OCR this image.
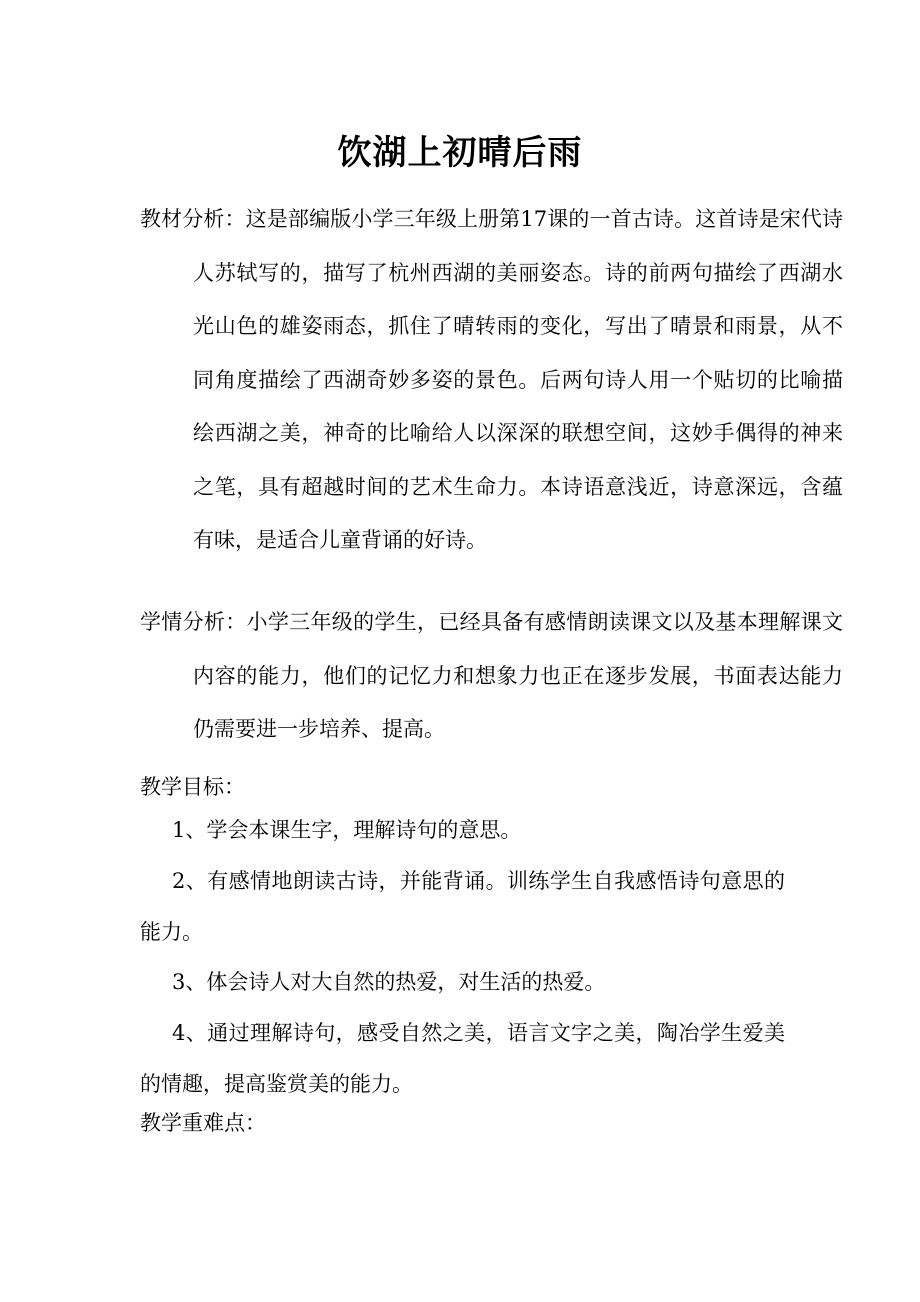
饮湖上初晴后雨
教材分析：这是部编版小学三年级上册第17课的一首古诗。这首诗是宋代诗人苏轼写的，描写了杭州西湖的美丽姿态。诗的前两句描绘了西湖水光山色的雄姿雨态，抓住了晴转雨的变化，写出了晴景和雨景，从不同角度描绘了西湖奇妙多姿的景色。后两句诗人用一个贴切的比喻描绘西湖之美，神奇的比喻给人以深深的联想空间，这妙手偶得的神来之笔，具有超越时间的艺术生命力。本诗语意浅近，诗意深远，含蕴有味，是适合儿童背诵的好诗。
学情分析：小学三年级的学生，已经具备有感情朗读课文以及基本理解课文内容的能力，他们的记忆力和想象力也正在逐步发展，书面表达能力仍需要进一步培养、提高。
教学目标：
1、学会本课生字，理解诗句的意思。
2、有感情地朗读古诗，并能背诵。训练学生自我感悟诗句意思的能力。
3、体会诗人对大自然的热爱，对生活的热爱。
4、通过理解诗句，感受自然之美，语言文字之美，陶冶学生爱美的情趣，提高鉴赏美的能力。
教学重难点：
